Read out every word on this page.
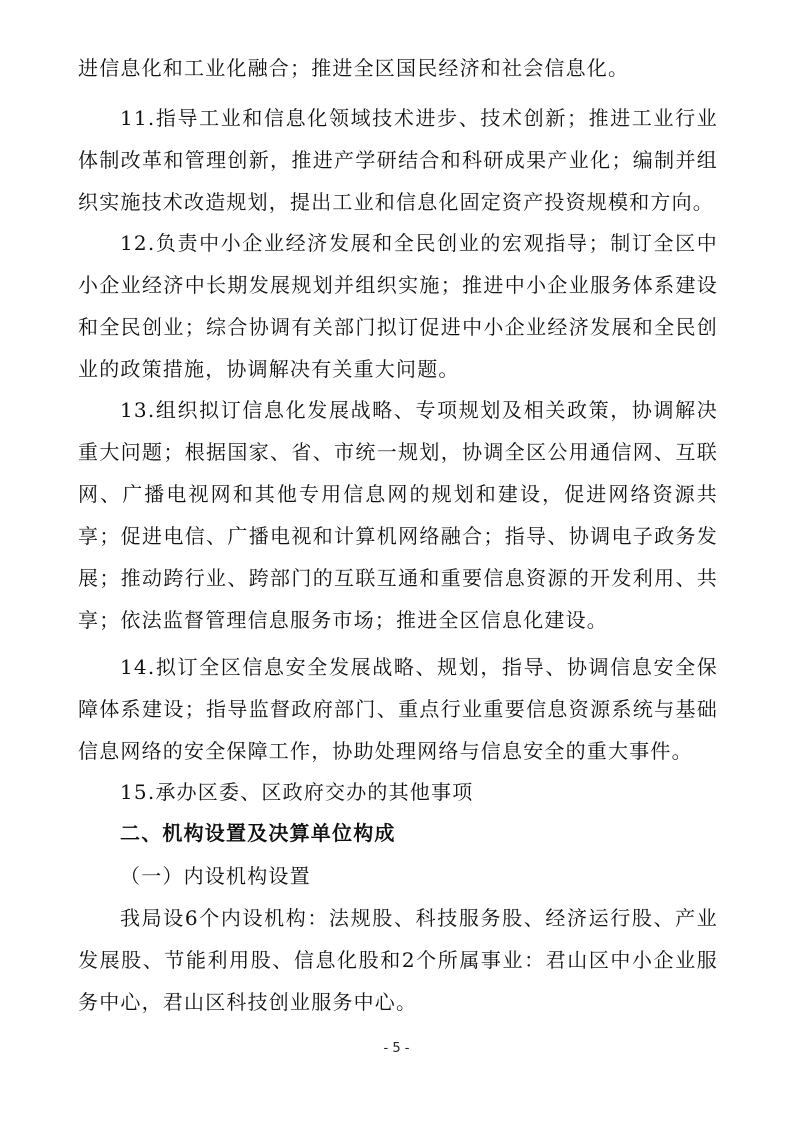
进信息化和工业化融合；推进全区国民经济和社会信息化。

11.指导工业和信息化领域技术进步、技术创新；推进工业行业体制改革和管理创新，推进产学研结合和科研成果产业化；编制并组织实施技术改造规划，提出工业和信息化固定资产投资规模和方向。

12.负责中小企业经济发展和全民创业的宏观指导；制订全区中小企业经济中长期发展规划并组织实施；推进中小企业服务体系建设和全民创业；综合协调有关部门拟订促进中小企业经济发展和全民创业的政策措施，协调解决有关重大问题。

13.组织拟订信息化发展战略、专项规划及相关政策，协调解决重大问题；根据国家、省、市统一规划，协调全区公用通信网、互联网、广播电视网和其他专用信息网的规划和建设，促进网络资源共享；促进电信、广播电视和计算机网络融合；指导、协调电子政务发展；推动跨行业、跨部门的互联互通和重要信息资源的开发利用、共享；依法监督管理信息服务市场；推进全区信息化建设。

14.拟订全区信息安全发展战略、规划，指导、协调信息安全保障体系建设；指导监督政府部门、重点行业重要信息资源系统与基础信息网络的安全保障工作，协助处理网络与信息安全的重大事件。

15.承办区委、区政府交办的其他事项

二、机构设置及决算单位构成

（一）内设机构设置

我局设6个内设机构：法规股、科技服务股、经济运行股、产业发展股、节能利用股、信息化股和2个所属事业：君山区中小企业服务中心，君山区科技创业服务中心。

- 5 -
